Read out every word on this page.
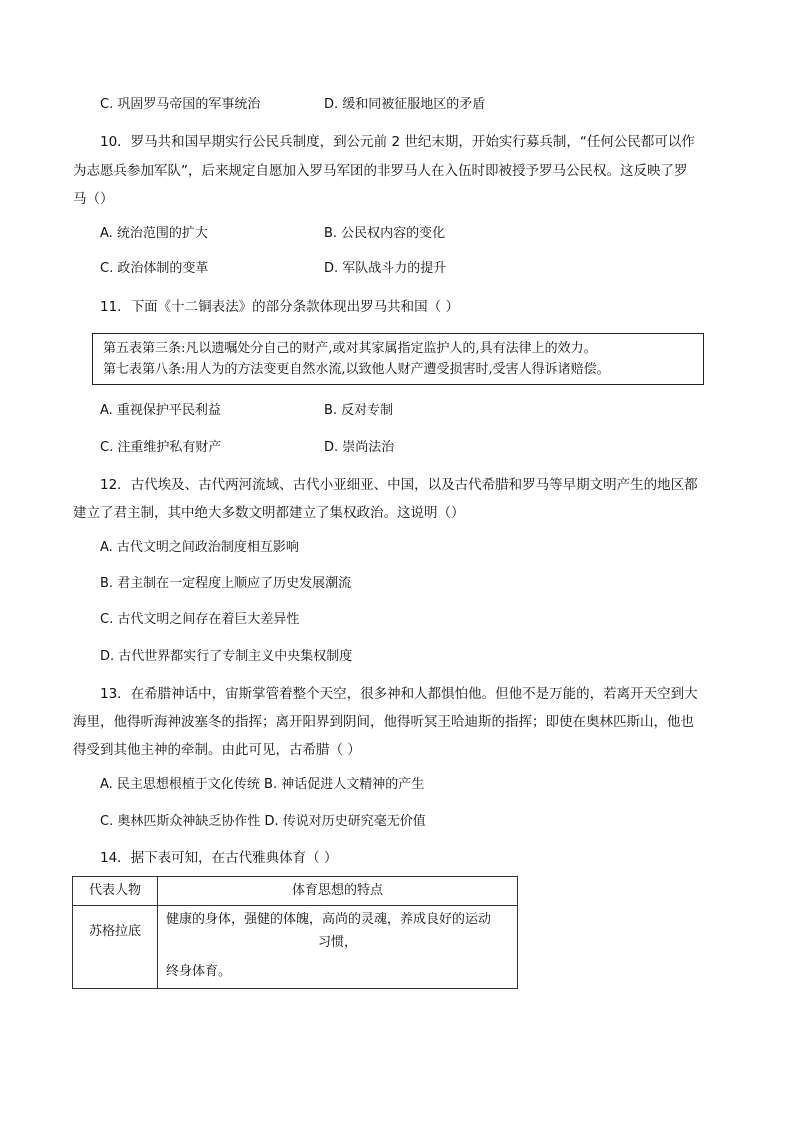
C. 巩固罗马帝国的军事统治	D. 缓和同被征服地区的矛盾
10．罗马共和国早期实行公民兵制度，到公元前 2 世纪末期，开始实行募兵制，“任何公民都可以作
为志愿兵参加军队”，后来规定自愿加入罗马军团的非罗马人在入伍时即被授予罗马公民权。这反映了罗
马（）
A. 统治范围的扩大	B. 公民权内容的变化
C. 政治体制的变革	D. 军队战斗力的提升
11．下面《十二铜表法》的部分条款体现出罗马共和国（ ）
第五表第三条:凡以遗嘱处分自己的财产,或对其家属指定监护人的,具有法律上的效力。
第七表第八条:用人为的方法变更自然水流,以致他人财产遭受损害时,受害人得诉诸赔偿。
A. 重视保护平民利益	B. 反对专制
C. 注重维护私有财产	D. 崇尚法治
12．古代埃及、古代两河流域、古代小亚细亚、中国，以及古代希腊和罗马等早期文明产生的地区都
建立了君主制，其中绝大多数文明都建立了集权政治。这说明（）
A. 古代文明之间政治制度相互影响
B. 君主制在一定程度上顺应了历史发展潮流
C. 古代文明之间存在着巨大差异性
D. 古代世界都实行了专制主义中央集权制度
13．在希腊神话中，宙斯掌管着整个天空，很多神和人都惧怕他。但他不是万能的，若离开天空到大
海里，他得听海神波塞冬的指挥；离开阳界到阴间，他得听冥王哈迪斯的指挥；即使在奥林匹斯山，他也
得受到其他主神的牵制。由此可见，古希腊（ ）
A. 民主思想根植于文化传统 B. 神话促进人文精神的产生
C. 奥林匹斯众神缺乏协作性 D. 传说对历史研究毫无价值
14．据下表可知，在古代雅典体育（ ）
代表人物	体育思想的特点
苏格拉底	健康的身体，强健的体魄，高尚的灵魂，养成良好的运动
习惯，
终身体育。
